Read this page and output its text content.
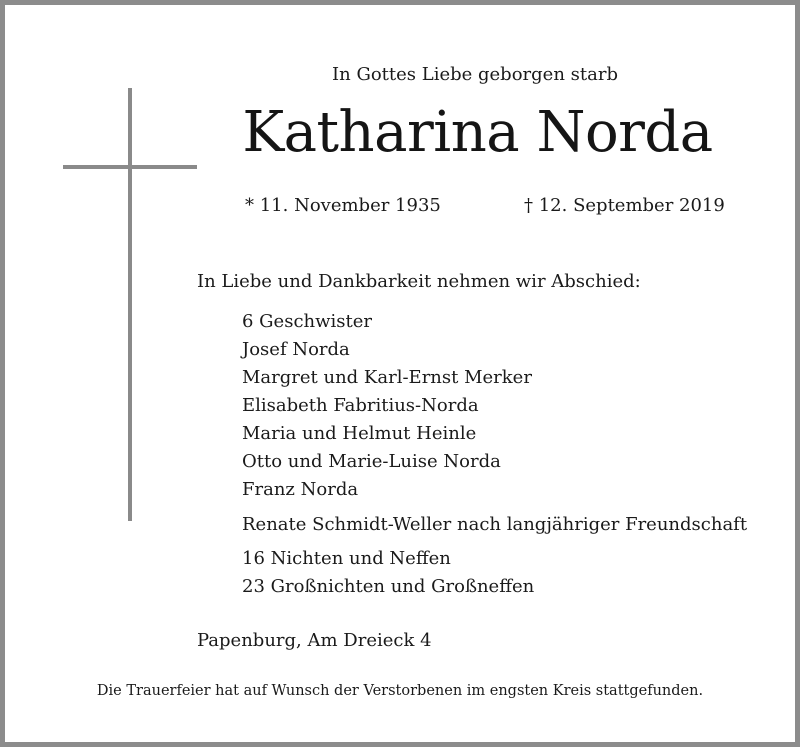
In Gottes Liebe geborgen starb
Katharina Norda
* 11. November 1935	† 12. September 2019
In Liebe und Dankbarkeit nehmen wir Abschied:
6 Geschwister
Josef Norda
Margret und Karl-Ernst Merker
Elisabeth Fabritius-Norda
Maria und Helmut Heinle
Otto und Marie-Luise Norda
Franz Norda
Renate Schmidt-Weller nach langjähriger Freundschaft
16 Nichten und Neffen
23 Großnichten und Großneffen
Papenburg, Am Dreieck 4
Die Trauerfeier hat auf Wunsch der Verstorbenen im engsten Kreis stattgefunden.
